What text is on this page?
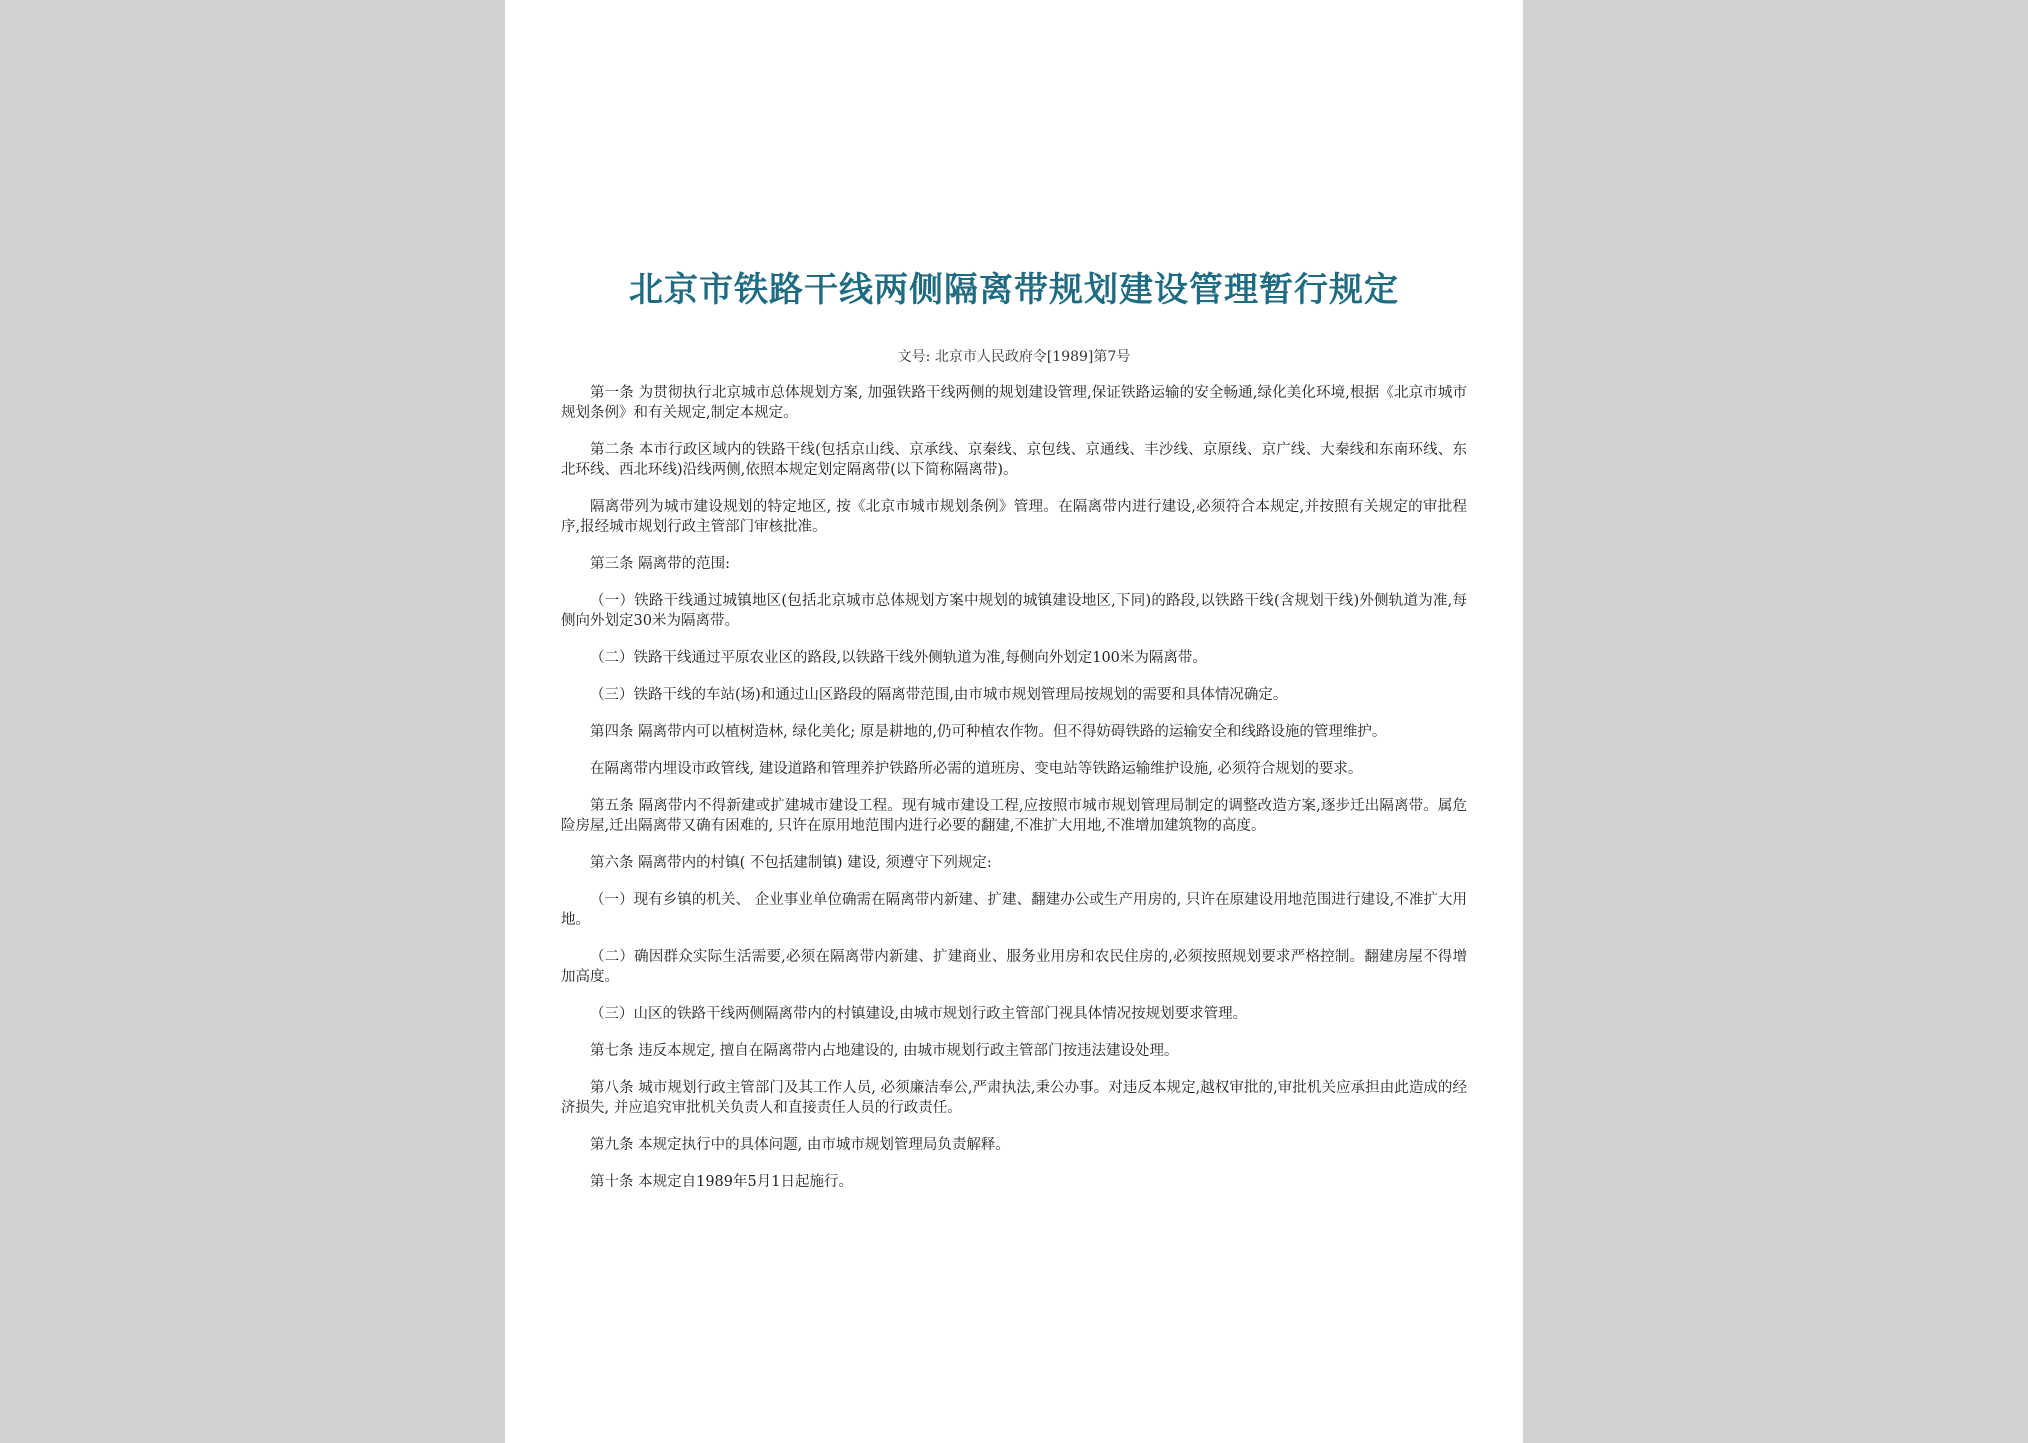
北京市铁路干线两侧隔离带规划建设管理暂行规定
文号: 北京市人民政府令[1989]第7号

第一条 为贯彻执行北京城市总体规划方案, 加强铁路干线两侧的规划建设管理,保证铁路运输的安全畅通,绿化美化环境,根据《北京市城市规划条例》和有关规定,制定本规定。

第二条 本市行政区域内的铁路干线(包括京山线、京承线、京秦线、京包线、京通线、丰沙线、京原线、京广线、大秦线和东南环线、东北环线、西北环线)沿线两侧,依照本规定划定隔离带(以下简称隔离带)。

隔离带列为城市建设规划的特定地区, 按《北京市城市规划条例》管理。在隔离带内进行建设,必须符合本规定,并按照有关规定的审批程序,报经城市规划行政主管部门审核批准。

第三条 隔离带的范围:

（一）铁路干线通过城镇地区(包括北京城市总体规划方案中规划的城镇建设地区,下同)的路段,以铁路干线(含规划干线)外侧轨道为准,每侧向外划定30米为隔离带。

（二）铁路干线通过平原农业区的路段,以铁路干线外侧轨道为准,每侧向外划定100米为隔离带。

（三）铁路干线的车站(场)和通过山区路段的隔离带范围,由市城市规划管理局按规划的需要和具体情况确定。

第四条 隔离带内可以植树造林, 绿化美化; 原是耕地的,仍可种植农作物。但不得妨碍铁路的运输安全和线路设施的管理维护。

在隔离带内埋设市政管线, 建设道路和管理养护铁路所必需的道班房、变电站等铁路运输维护设施, 必须符合规划的要求。

第五条 隔离带内不得新建或扩建城市建设工程。现有城市建设工程,应按照市城市规划管理局制定的调整改造方案,逐步迁出隔离带。属危险房屋,迁出隔离带又确有困难的, 只许在原用地范围内进行必要的翻建,不准扩大用地,不准增加建筑物的高度。

第六条 隔离带内的村镇( 不包括建制镇) 建设, 须遵守下列规定:

（一）现有乡镇的机关、 企业事业单位确需在隔离带内新建、扩建、翻建办公或生产用房的, 只许在原建设用地范围进行建设,不准扩大用地。

（二）确因群众实际生活需要,必须在隔离带内新建、扩建商业、服务业用房和农民住房的,必须按照规划要求严格控制。翻建房屋不得增加高度。

（三）山区的铁路干线两侧隔离带内的村镇建设,由城市规划行政主管部门视具体情况按规划要求管理。

第七条 违反本规定, 擅自在隔离带内占地建设的, 由城市规划行政主管部门按违法建设处理。

第八条 城市规划行政主管部门及其工作人员, 必须廉洁奉公,严肃执法,秉公办事。对违反本规定,越权审批的,审批机关应承担由此造成的经济损失, 并应追究审批机关负责人和直接责任人员的行政责任。

第九条 本规定执行中的具体问题, 由市城市规划管理局负责解释。

第十条 本规定自1989年5月1日起施行。
